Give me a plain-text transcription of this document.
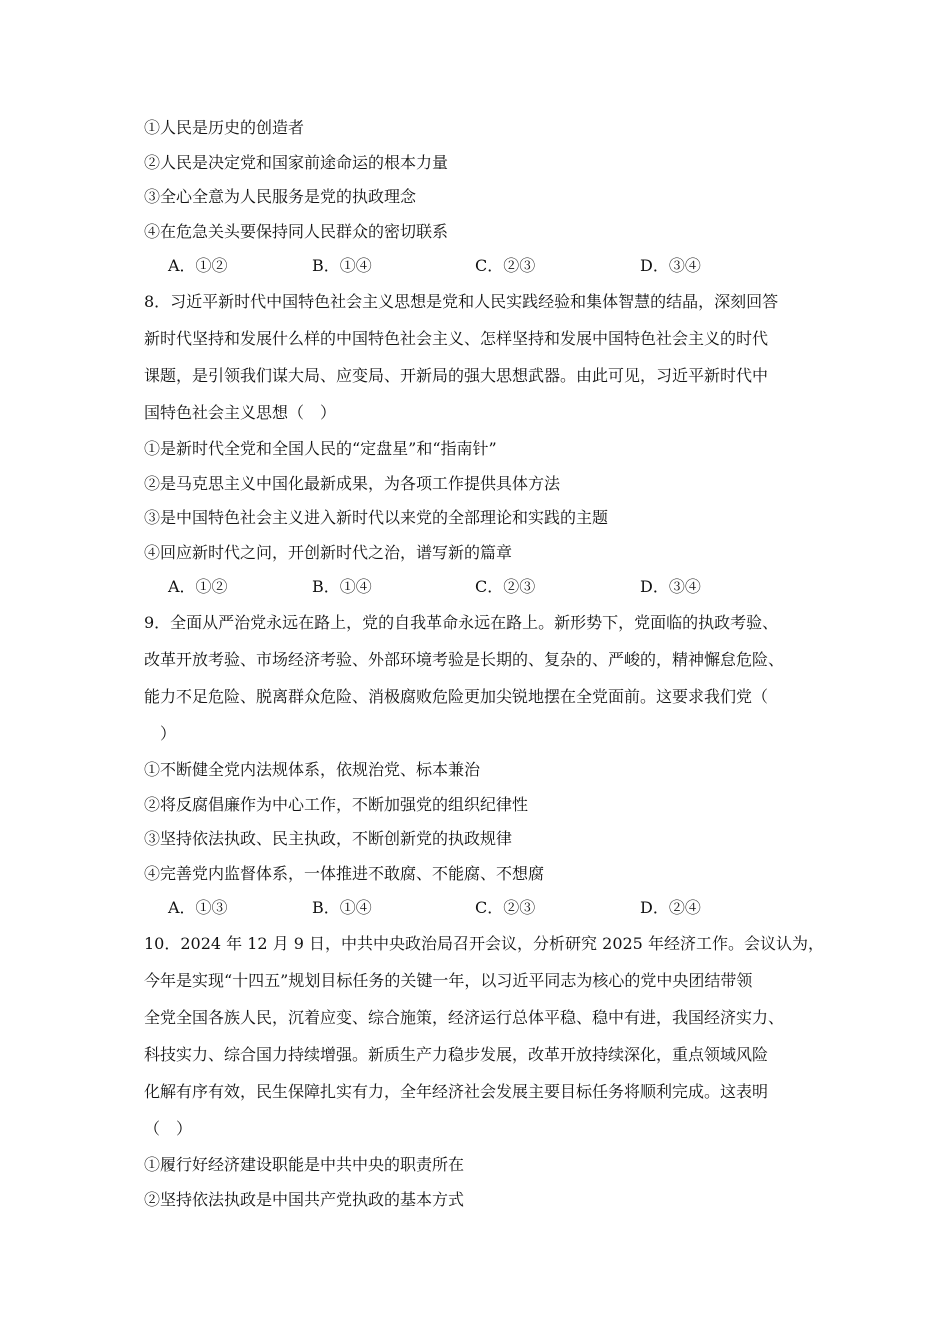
①人民是历史的创造者
②人民是决定党和国家前途命运的根本力量
③全心全意为人民服务是党的执政理念
④在危急关头要保持同人民群众的密切联系
A．①②	B．①④	C．②③	D．③④
8．习近平新时代中国特色社会主义思想是党和人民实践经验和集体智慧的结晶，深刻回答
新时代坚持和发展什么样的中国特色社会主义、怎样坚持和发展中国特色社会主义的时代
课题，是引领我们谋大局、应变局、开新局的强大思想武器。由此可见，习近平新时代中
国特色社会主义思想（　）
①是新时代全党和全国人民的“定盘星”和“指南针”
②是马克思主义中国化最新成果，为各项工作提供具体方法
③是中国特色社会主义进入新时代以来党的全部理论和实践的主题
④回应新时代之问，开创新时代之治，谱写新的篇章
A．①②	B．①④	C．②③	D．③④
9．全面从严治党永远在路上，党的自我革命永远在路上。新形势下，党面临的执政考验、
改革开放考验、市场经济考验、外部环境考验是长期的、复杂的、严峻的，精神懈怠危险、
能力不足危险、脱离群众危险、消极腐败危险更加尖锐地摆在全党面前。这要求我们党（
　）
①不断健全党内法规体系，依规治党、标本兼治
②将反腐倡廉作为中心工作，不断加强党的组织纪律性
③坚持依法执政、民主执政，不断创新党的执政规律
④完善党内监督体系，一体推进不敢腐、不能腐、不想腐
A．①③	B．①④	C．②③	D．②④
10．2024 年 12 月 9 日，中共中央政治局召开会议，分析研究 2025 年经济工作。会议认为，
今年是实现“十四五”规划目标任务的关键一年，以习近平同志为核心的党中央团结带领
全党全国各族人民，沉着应变、综合施策，经济运行总体平稳、稳中有进，我国经济实力、
科技实力、综合国力持续增强。新质生产力稳步发展，改革开放持续深化，重点领域风险
化解有序有效，民生保障扎实有力，全年经济社会发展主要目标任务将顺利完成。这表明
（　）
①履行好经济建设职能是中共中央的职责所在
②坚持依法执政是中国共产党执政的基本方式
